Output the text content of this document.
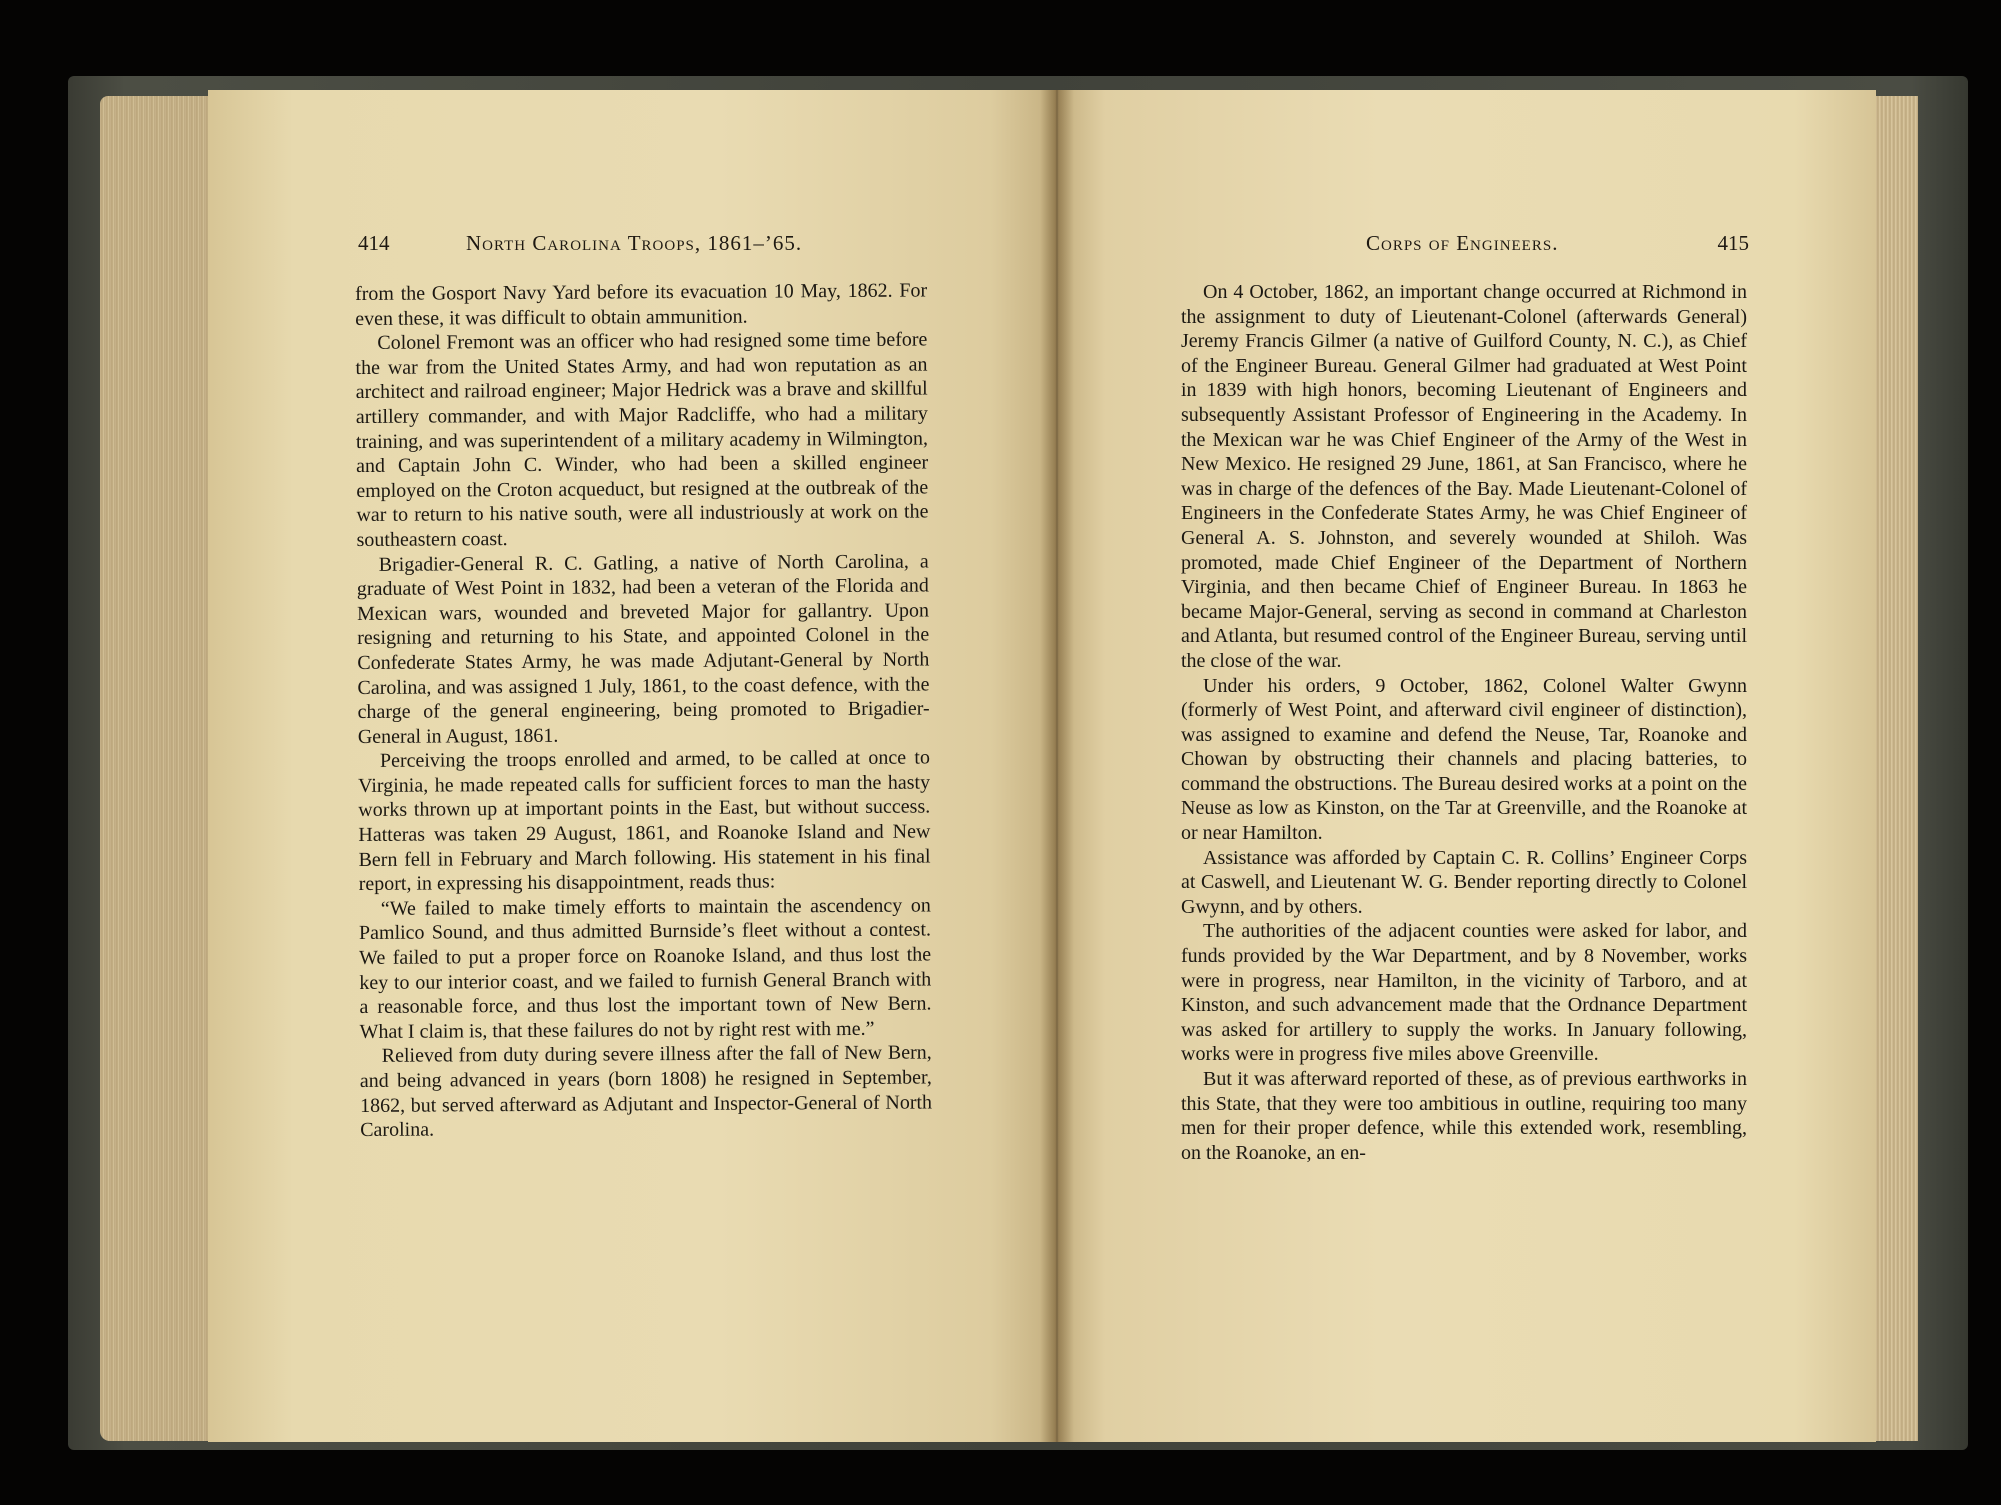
414	North Carolina Troops, 1861–’65.

from the Gosport Navy Yard before its evacuation 10 May, 1862. For even these, it was difficult to obtain ammunition.

Colonel Fremont was an officer who had resigned some time before the war from the United States Army, and had won reputation as an architect and railroad engineer; Major Hedrick was a brave and skillful artillery commander, and with Major Radcliffe, who had a military training, and was superintendent of a military academy in Wilmington, and Captain John C. Winder, who had been a skilled engineer employed on the Croton acqueduct, but resigned at the outbreak of the war to return to his native south, were all industriously at work on the southeastern coast.

Brigadier-General R. C. Gatling, a native of North Carolina, a graduate of West Point in 1832, had been a veteran of the Florida and Mexican wars, wounded and breveted Major for gallantry. Upon resigning and returning to his State, and appointed Colonel in the Confederate States Army, he was made Adjutant-General by North Carolina, and was assigned 1 July, 1861, to the coast defence, with the charge of the general engineering, being promoted to Brigadier-General in August, 1861.

Perceiving the troops enrolled and armed, to be called at once to Virginia, he made repeated calls for sufficient forces to man the hasty works thrown up at important points in the East, but without success. Hatteras was taken 29 August, 1861, and Roanoke Island and New Bern fell in February and March following. His statement in his final report, in expressing his disappointment, reads thus:

“We failed to make timely efforts to maintain the ascendency on Pamlico Sound, and thus admitted Burnside’s fleet without a contest. We failed to put a proper force on Roanoke Island, and thus lost the key to our interior coast, and we failed to furnish General Branch with a reasonable force, and thus lost the important town of New Bern. What I claim is, that these failures do not by right rest with me.”

Relieved from duty during severe illness after the fall of New Bern, and being advanced in years (born 1808) he resigned in September, 1862, but served afterward as Adjutant and Inspector-General of North Carolina.

Corps of Engineers.	415

On 4 October, 1862, an important change occurred at Richmond in the assignment to duty of Lieutenant-Colonel (afterwards General) Jeremy Francis Gilmer (a native of Guilford County, N. C.), as Chief of the Engineer Bureau. General Gilmer had graduated at West Point in 1839 with high honors, becoming Lieutenant of Engineers and subsequently Assistant Professor of Engineering in the Academy. In the Mexican war he was Chief Engineer of the Army of the West in New Mexico. He resigned 29 June, 1861, at San Francisco, where he was in charge of the defences of the Bay. Made Lieutenant-Colonel of Engineers in the Confederate States Army, he was Chief Engineer of General A. S. Johnston, and severely wounded at Shiloh. Was promoted, made Chief Engineer of the Department of Northern Virginia, and then became Chief of Engineer Bureau. In 1863 he became Major-General, serving as second in command at Charleston and Atlanta, but resumed control of the Engineer Bureau, serving until the close of the war.

Under his orders, 9 October, 1862, Colonel Walter Gwynn (formerly of West Point, and afterward civil engineer of distinction), was assigned to examine and defend the Neuse, Tar, Roanoke and Chowan by obstructing their channels and placing batteries, to command the obstructions. The Bureau desired works at a point on the Neuse as low as Kinston, on the Tar at Greenville, and the Roanoke at or near Hamilton.

Assistance was afforded by Captain C. R. Collins’ Engineer Corps at Caswell, and Lieutenant W. G. Bender reporting directly to Colonel Gwynn, and by others.

The authorities of the adjacent counties were asked for labor, and funds provided by the War Department, and by 8 November, works were in progress, near Hamilton, in the vicinity of Tarboro, and at Kinston, and such advancement made that the Ordnance Department was asked for artillery to supply the works. In January following, works were in progress five miles above Greenville.

But it was afterward reported of these, as of previous earthworks in this State, that they were too ambitious in outline, requiring too many men for their proper defence, while this extended work, resembling, on the Roanoke, an en-
